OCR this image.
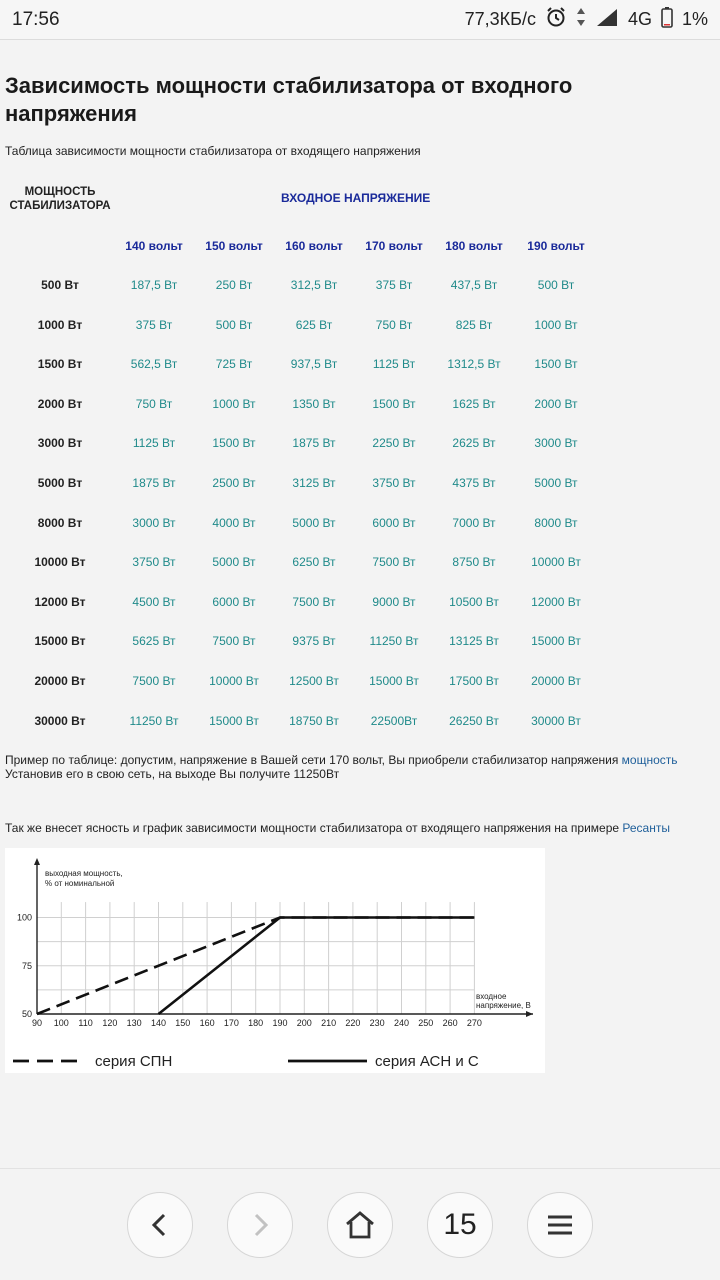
17:56	77,3КБ/с	4G 1%
Зависимость мощности стабилизатора от входного
напряжения
Таблица зависимости мощности стабилизатора от входящего напряжения
МОЩНОСТЬ
СТАБИЛИЗАТОРА
ВХОДНОЕ НАПРЯЖЕНИЕ
140 вольт	150 вольт	160 вольт	170 вольт	180 вольт	190 вольт
500 Вт	187,5 Вт	250 Вт	312,5 Вт	375 Вт	437,5 Вт	500 Вт
1000 Вт	375 Вт	500 Вт	625 Вт	750 Вт	825 Вт	1000 Вт
1500 Вт	562,5 Вт	725 Вт	937,5 Вт	1125 Вт	1312,5 Вт	1500 Вт
2000 Вт	750 Вт	1000 Вт	1350 Вт	1500 Вт	1625 Вт	2000 Вт
3000 Вт	1125 Вт	1500 Вт	1875 Вт	2250 Вт	2625 Вт	3000 Вт
5000 Вт	1875 Вт	2500 Вт	3125 Вт	3750 Вт	4375 Вт	5000 Вт
8000 Вт	3000 Вт	4000 Вт	5000 Вт	6000 Вт	7000 Вт	8000 Вт
10000 Вт	3750 Вт	5000 Вт	6250 Вт	7500 Вт	8750 Вт	10000 Вт
12000 Вт	4500 Вт	6000 Вт	7500 Вт	9000 Вт	10500 Вт	12000 Вт
15000 Вт	5625 Вт	7500 Вт	9375 Вт	11250 Вт	13125 Вт	15000 Вт
20000 Вт	7500 Вт	10000 Вт	12500 Вт	15000 Вт	17500 Вт	20000 Вт
30000 Вт	11250 Вт	15000 Вт	18750 Вт	22500Вт	26250 Вт	30000 Вт
Пример по таблице: допустим, напряжение в Вашей сети 170 вольт, Вы приобрели стабилизатор напряжения мощность
Установив его в свою сеть, на выходе Вы получите 11250Вт
Так же внесет ясность и график зависимости мощности стабилизатора от входящего напряжения на примере Ресанты
выходная мощность,
% от номинальной
входное
напряжение, В
90 100 110 120 130 140 150 160 170 180 190 200 210 220 230 240 250 260 270
50
75
100
серия СПН	серия АСН и С
15
